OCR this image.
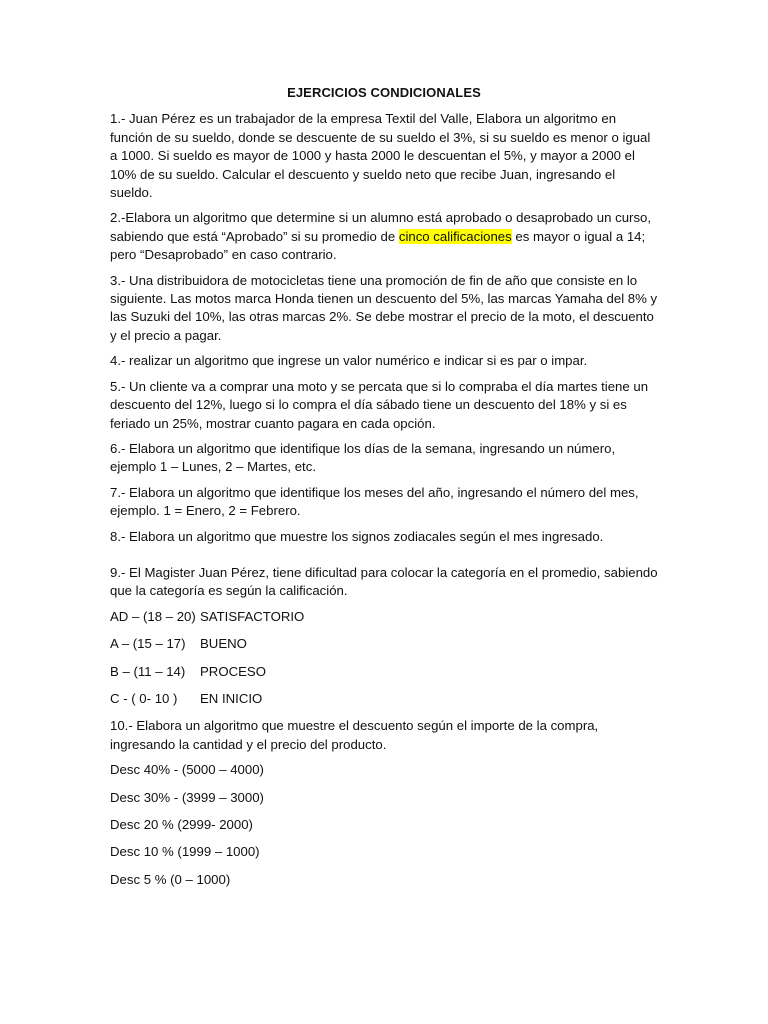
EJERCICIOS CONDICIONALES

1.- Juan Pérez es un trabajador de la empresa Textil del Valle, Elabora un algoritmo en función de su sueldo, donde se descuente de su sueldo el 3%, si su sueldo es menor o igual a 1000. Si sueldo es mayor de 1000 y hasta 2000 le descuentan el 5%, y mayor a 2000 el 10% de su sueldo. Calcular el descuento y sueldo neto que recibe Juan, ingresando el sueldo.

2.-Elabora un algoritmo que determine si un alumno está aprobado o desaprobado un curso, sabiendo que está “Aprobado” si su promedio de cinco calificaciones es mayor o igual a 14; pero “Desaprobado” en caso contrario.

3.- Una distribuidora de motocicletas tiene una promoción de fin de año que consiste en lo siguiente. Las motos marca Honda tienen un descuento del 5%, las marcas Yamaha del 8% y las Suzuki del 10%, las otras marcas 2%. Se debe mostrar el precio de la moto, el descuento y el precio a pagar.

4.- realizar un algoritmo que ingrese un valor numérico e indicar si es par o impar.

5.- Un cliente va a comprar una moto y se percata que si lo compraba el día martes tiene un descuento del 12%, luego si lo compra el día sábado tiene un descuento del 18% y si es feriado un 25%, mostrar cuanto pagara en cada opción.

6.- Elabora un algoritmo que identifique los días de la semana, ingresando un número, ejemplo 1 – Lunes, 2 – Martes, etc.

7.- Elabora un algoritmo que identifique los meses del año, ingresando el número del mes, ejemplo. 1 = Enero, 2 = Febrero.

8.- Elabora un algoritmo que muestre los signos zodiacales según el mes ingresado.

9.- El Magister Juan Pérez, tiene dificultad para colocar la categoría en el promedio, sabiendo que la categoría es según la calificación.

AD – (18 – 20) SATISFACTORIO
A – (15 – 17) BUENO
B – (11 – 14)PROCESO
C - ( 0- 10 ) EN INICIO

10.- Elabora un algoritmo que muestre el descuento según el importe de la compra, ingresando la cantidad y el precio del producto.

Desc 40% - (5000 – 4000)
Desc 30% - (3999 – 3000)
Desc 20 % (2999- 2000)
Desc 10 % (1999 – 1000)
Desc 5 % (0 – 1000)
